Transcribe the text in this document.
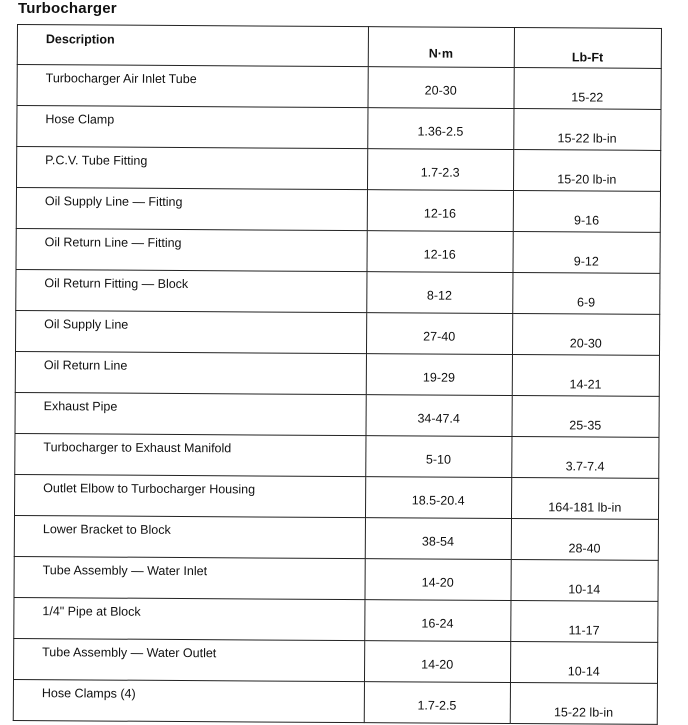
Turbocharger
Description	N·m	Lb-Ft
Turbocharger Air Inlet Tube	20-30	15-22
Hose Clamp	1.36-2.5	15-22 lb-in
P.C.V. Tube Fitting	1.7-2.3	15-20 lb-in
Oil Supply Line — Fitting	12-16	9-16
Oil Return Line — Fitting	12-16	9-12
Oil Return Fitting — Block	8-12	6-9
Oil Supply Line	27-40	20-30
Oil Return Line	19-29	14-21
Exhaust Pipe	34-47.4	25-35
Turbocharger to Exhaust Manifold	5-10	3.7-7.4
Outlet Elbow to Turbocharger Housing	18.5-20.4	164-181 lb-in
Lower Bracket to Block	38-54	28-40
Tube Assembly — Water Inlet	14-20	10-14
1/4" Pipe at Block	16-24	11-17
Tube Assembly — Water Outlet	14-20	10-14
Hose Clamps (4)	1.7-2.5	15-22 lb-in
